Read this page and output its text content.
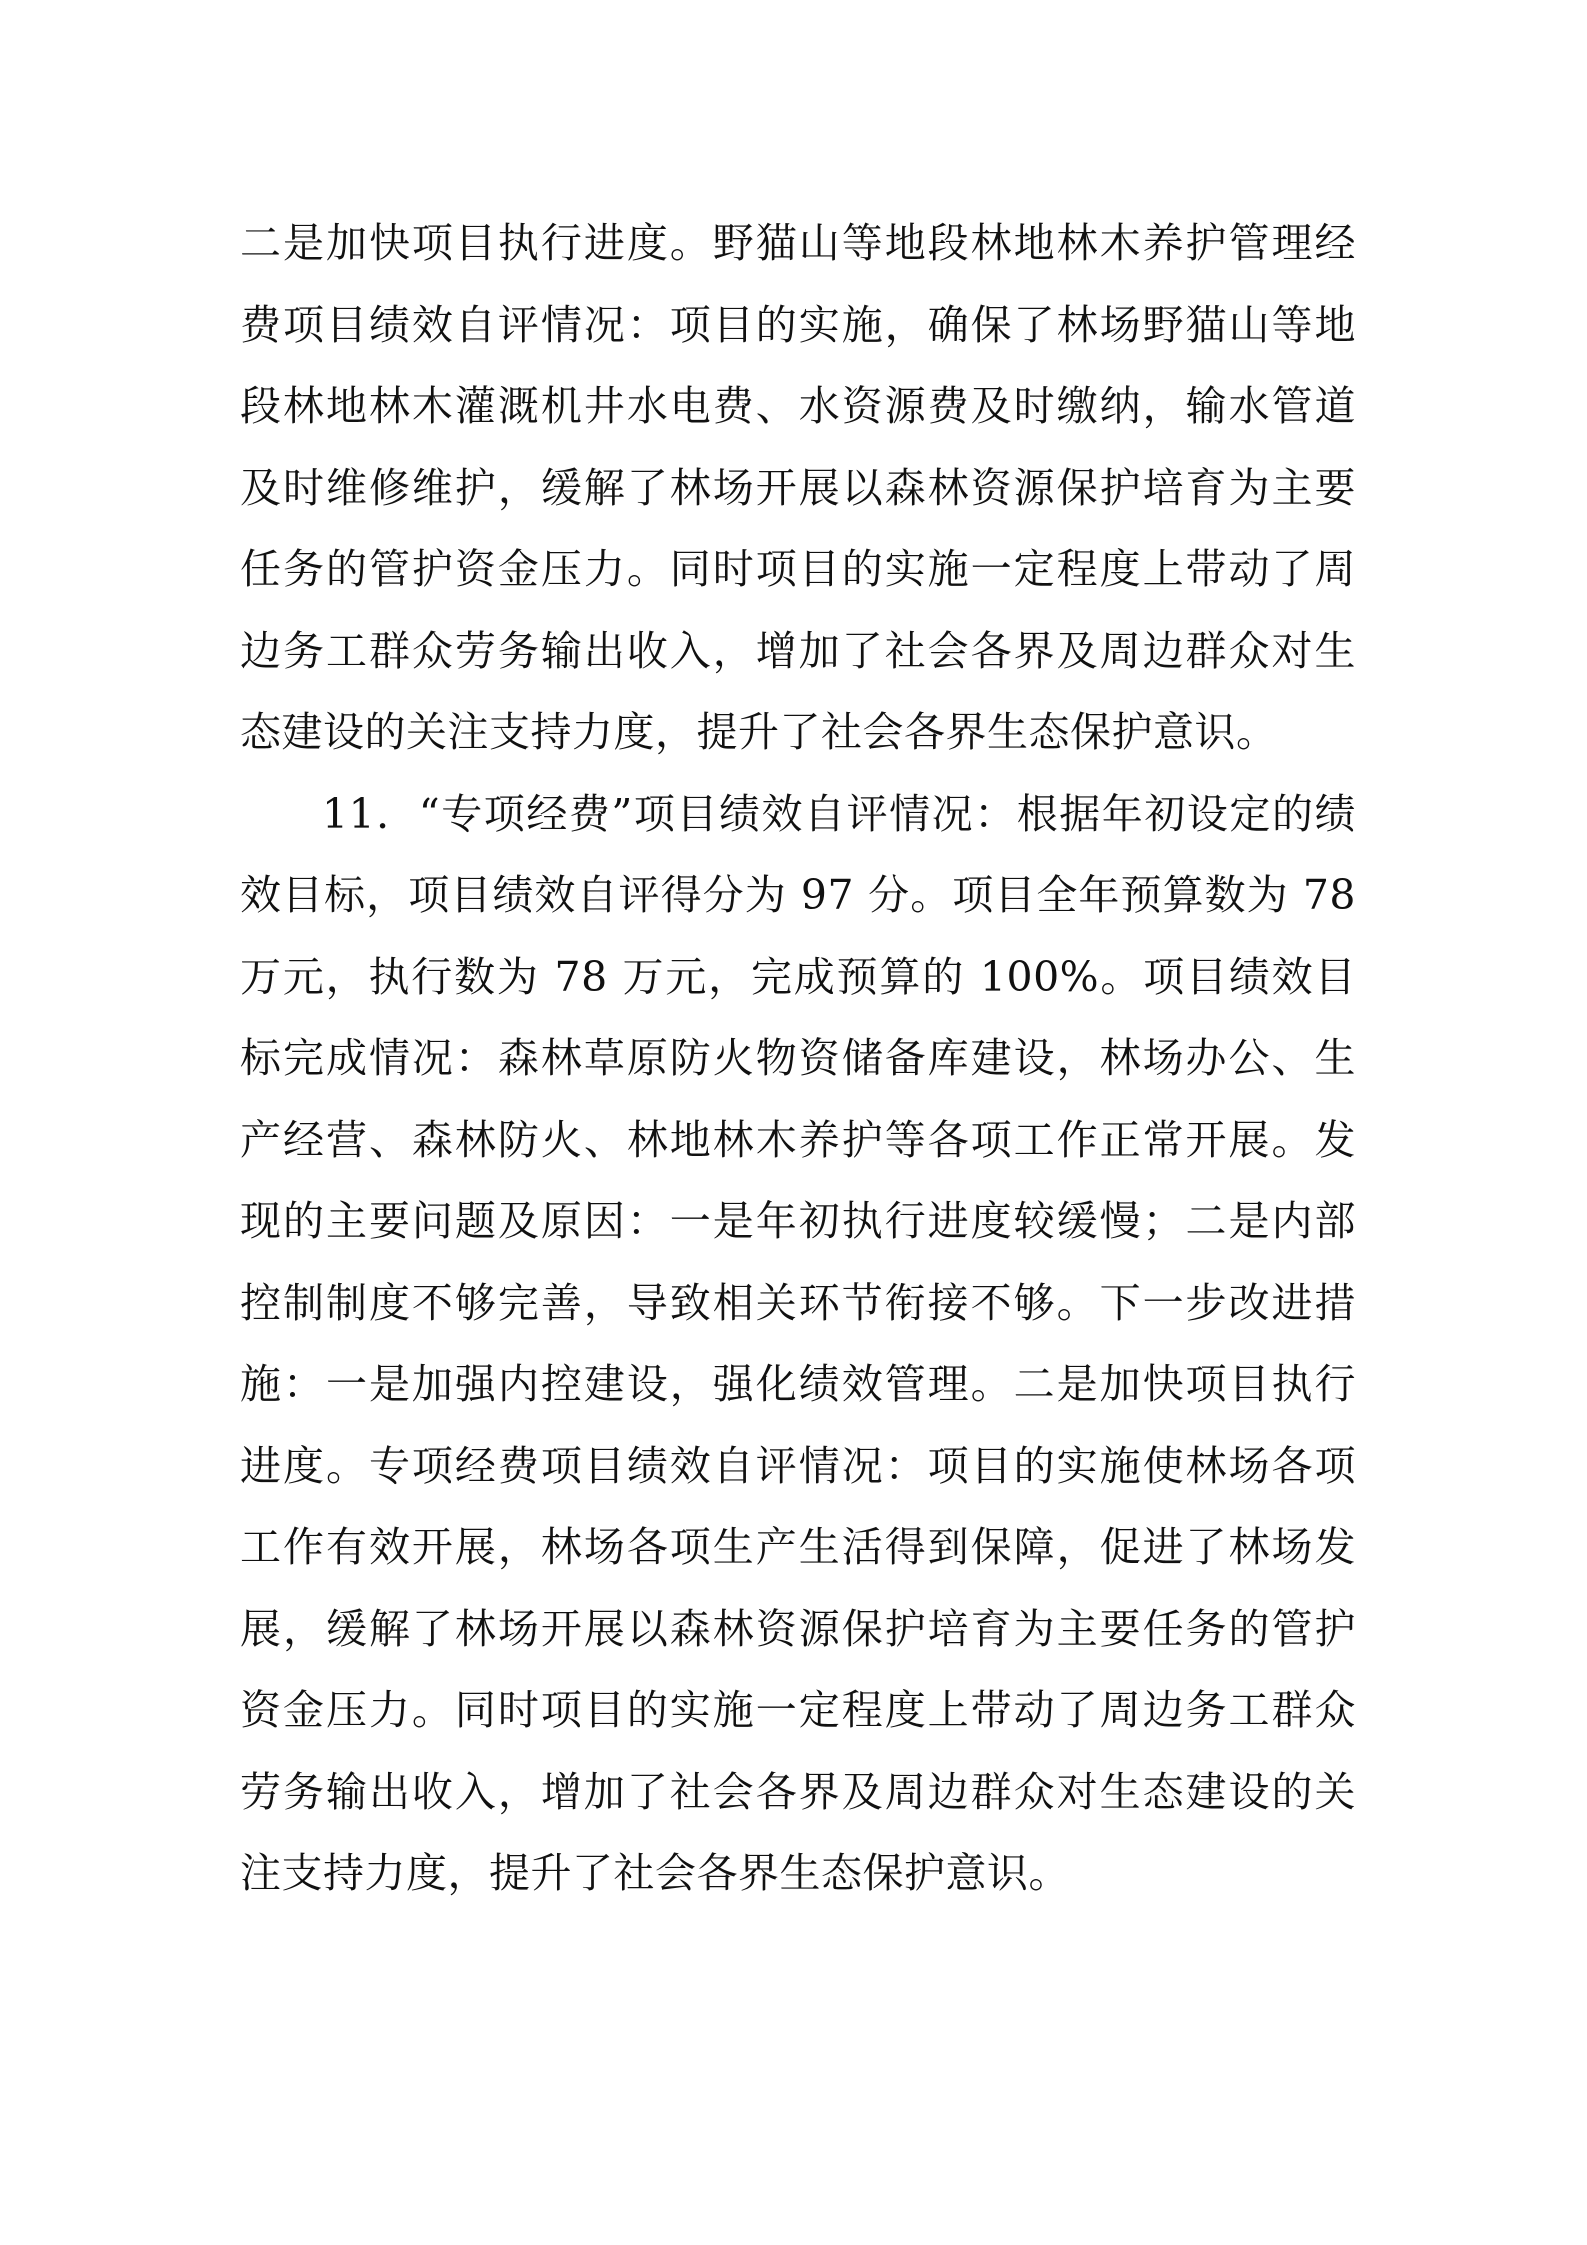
二是加快项目执行进度。野猫山等地段林地林木养护管理经费项目绩效自评情况：项目的实施，确保了林场野猫山等地段林地林木灌溉机井水电费、水资源费及时缴纳，输水管道及时维修维护，缓解了林场开展以森林资源保护培育为主要任务的管护资金压力。同时项目的实施一定程度上带动了周边务工群众劳务输出收入，增加了社会各界及周边群众对生态建设的关注支持力度，提升了社会各界生态保护意识。

11．“专项经费”项目绩效自评情况：根据年初设定的绩效目标，项目绩效自评得分为 97 分。项目全年预算数为 78 万元，执行数为 78 万元，完成预算的 100%。项目绩效目标完成情况：森林草原防火物资储备库建设，林场办公、生产经营、森林防火、林地林木养护等各项工作正常开展。发现的主要问题及原因：一是年初执行进度较缓慢；二是内部控制制度不够完善，导致相关环节衔接不够。下一步改进措施：一是加强内控建设，强化绩效管理。二是加快项目执行进度。专项经费项目绩效自评情况：项目的实施使林场各项工作有效开展，林场各项生产生活得到保障，促进了林场发展，缓解了林场开展以森林资源保护培育为主要任务的管护资金压力。同时项目的实施一定程度上带动了周边务工群众劳务输出收入，增加了社会各界及周边群众对生态建设的关注支持力度，提升了社会各界生态保护意识。
